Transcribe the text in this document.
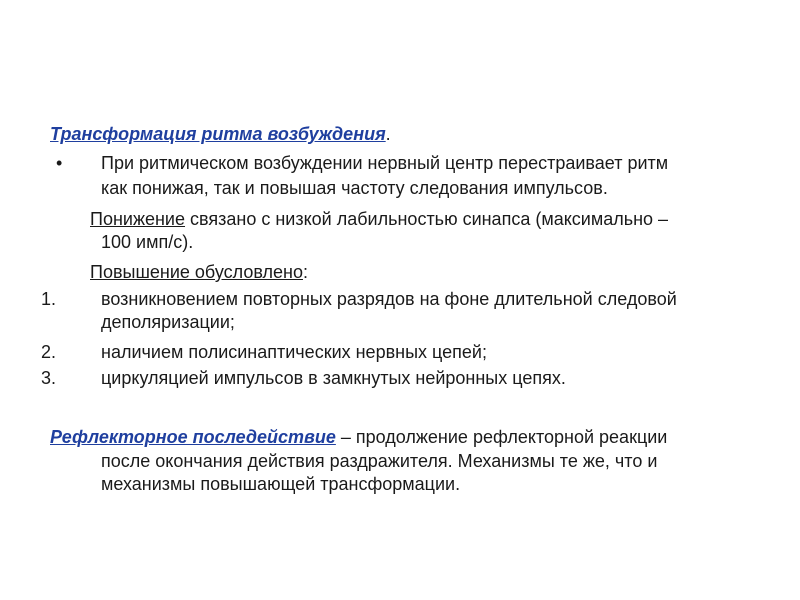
Трансформация ритма возбуждения.
• При ритмическом возбуждении нервный центр перестраивает ритм
как понижая, так и повышая частоту следования импульсов.
Понижение связано с низкой лабильностью синапса (максимально –
100 имп/с).
Повышение обусловлено:
1. возникновением повторных разрядов на фоне длительной следовой
деполяризации;
2. наличием полисинаптических нервных цепей;
3. циркуляцией импульсов в замкнутых нейронных цепях.
Рефлекторное последействие – продолжение рефлекторной реакции
после окончания действия раздражителя. Механизмы те же, что и
механизмы повышающей трансформации.
